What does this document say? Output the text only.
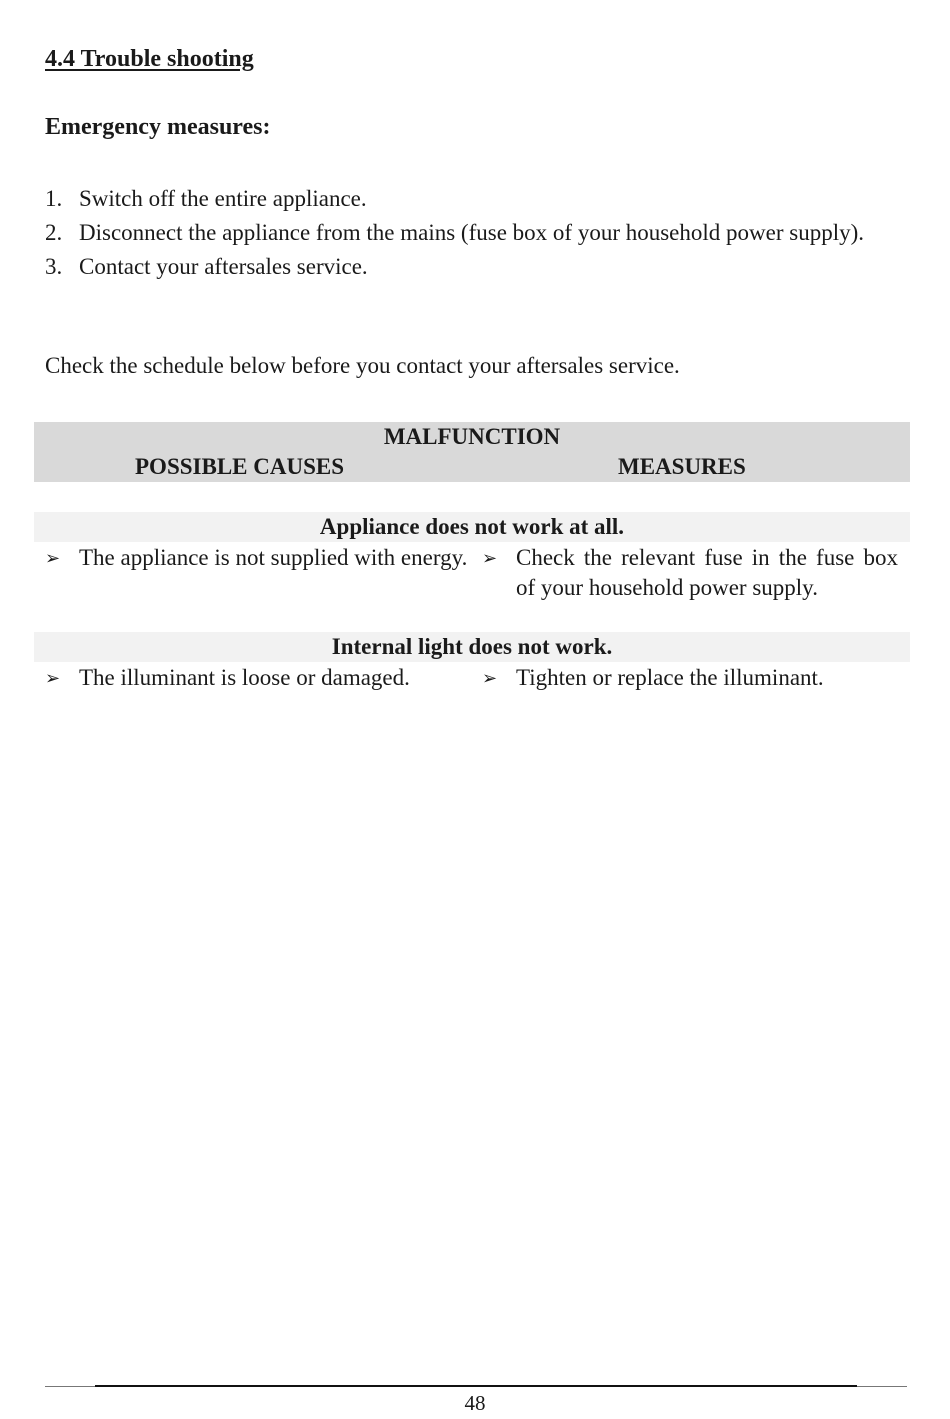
4.4 Trouble shooting
Emergency measures:
1. Switch off the entire appliance.
2. Disconnect the appliance from the mains (fuse box of your household power supply).
3. Contact your aftersales service.
Check the schedule below before you contact your aftersales service.
MALFUNCTION
POSSIBLE CAUSES	MEASURES
Appliance does not work at all.
➢ The appliance is not supplied with energy. ➢ Check the relevant fuse in the fuse box of your household power supply.
Internal light does not work.
➢ The illuminant is loose or damaged.	➢ Tighten or replace the illuminant.
48
